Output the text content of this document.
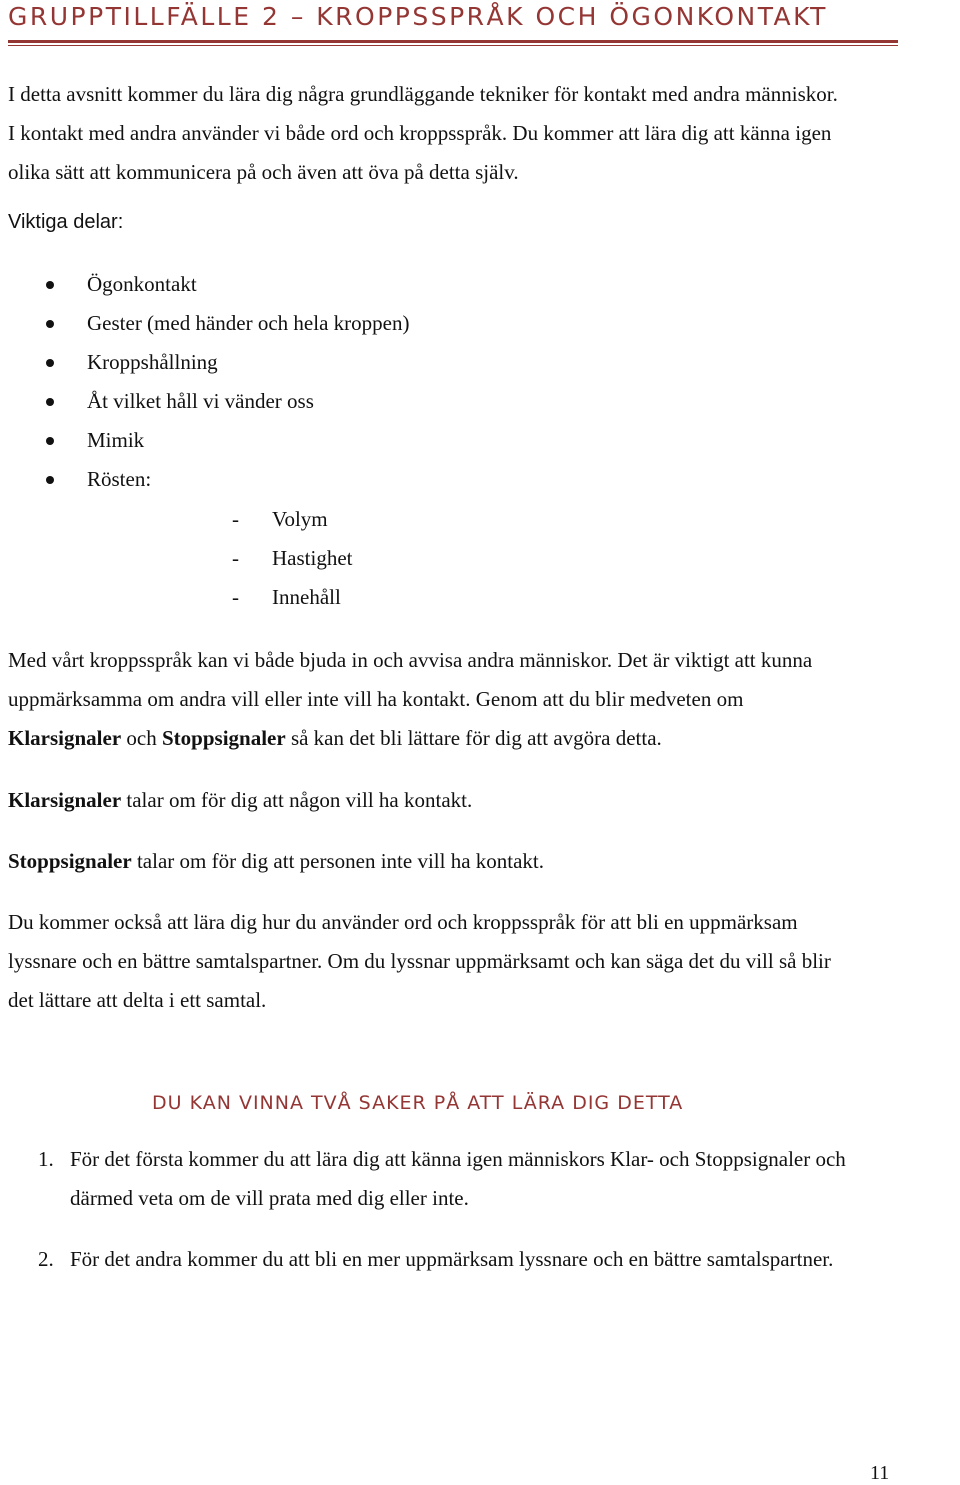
GRUPPTILLFÄLLE 2 – KROPPSSPRÅK OCH ÖGONKONTAKT
I detta avsnitt kommer du lära dig några grundläggande tekniker för kontakt med andra människor.
I kontakt med andra använder vi både ord och kroppsspråk. Du kommer att lära dig att känna igen
olika sätt att kommunicera på och även att öva på detta själv.
Viktiga delar:
Ögonkontakt
Gester (med händer och hela kroppen)
Kroppshållning
Åt vilket håll vi vänder oss
Mimik
Rösten:
- Volym
- Hastighet
- Innehåll
Med vårt kroppsspråk kan vi både bjuda in och avvisa andra människor. Det är viktigt att kunna
uppmärksamma om andra vill eller inte vill ha kontakt. Genom att du blir medveten om
Klarsignaler och Stoppsignaler så kan det bli lättare för dig att avgöra detta.
Klarsignaler talar om för dig att någon vill ha kontakt.
Stoppsignaler talar om för dig att personen inte vill ha kontakt.
Du kommer också att lära dig hur du använder ord och kroppsspråk för att bli en uppmärksam
lyssnare och en bättre samtalspartner. Om du lyssnar uppmärksamt och kan säga det du vill så blir
det lättare att delta i ett samtal.
DU KAN VINNA TVÅ SAKER PÅ ATT LÄRA DIG DETTA
1. För det första kommer du att lära dig att känna igen människors Klar- och Stoppsignaler och
därmed veta om de vill prata med dig eller inte.
2. För det andra kommer du att bli en mer uppmärksam lyssnare och en bättre samtalspartner.
11
